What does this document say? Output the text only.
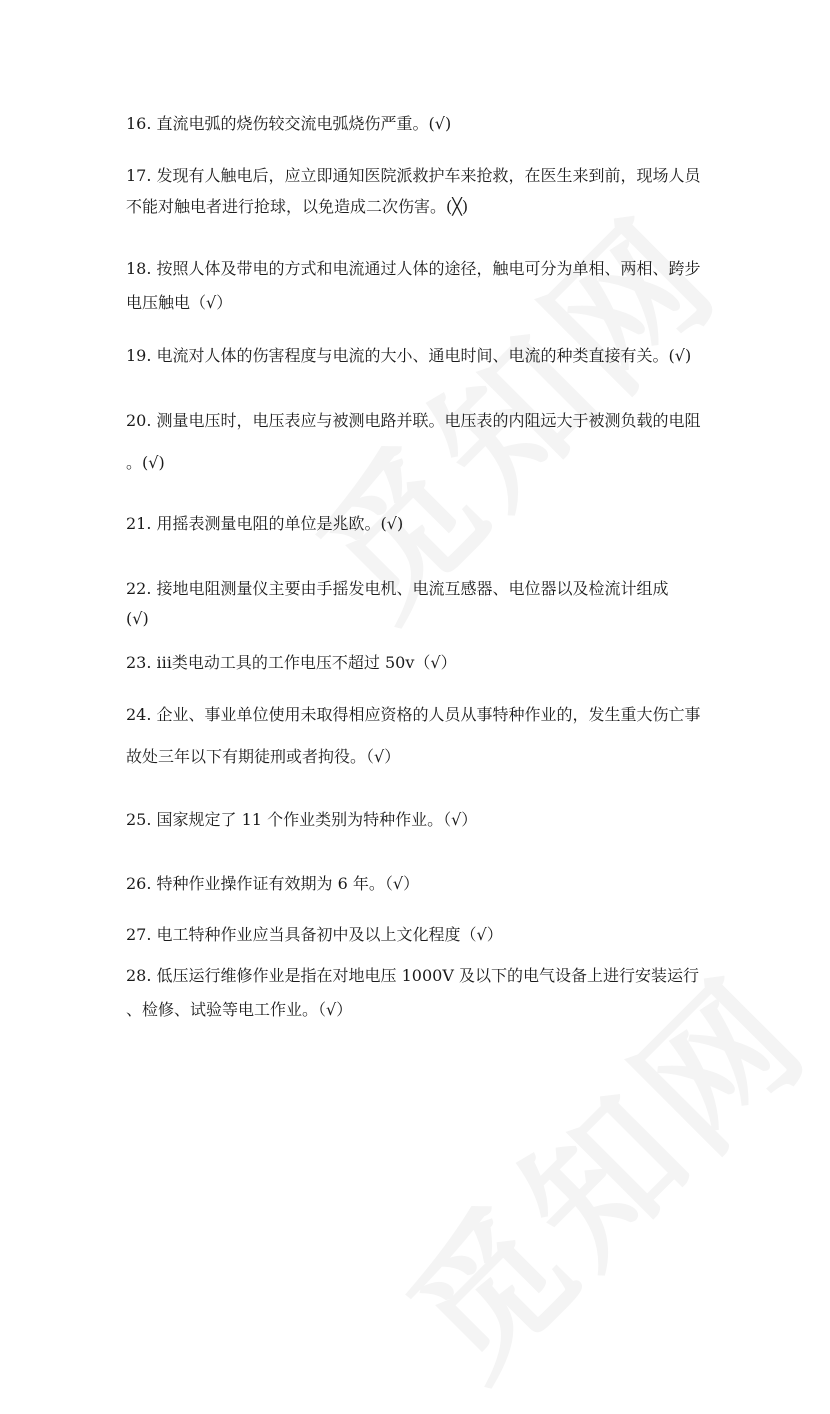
16. 直流电弧的烧伤较交流电弧烧伤严重。(√)

17. 发现有人触电后，应立即通知医院派救护车来抢救，在医生来到前，现场人员

不能对触电者进行抢球，以免造成二次伤害。(╳)

18. 按照人体及带电的方式和电流通过人体的途径，触电可分为单相、两相、跨步

电压触电（√）

19. 电流对人体的伤害程度与电流的大小、通电时间、电流的种类直接有关。(√)

20. 测量电压时，电压表应与被测电路并联。电压表的内阻远大于被测负载的电阻

。(√)

21. 用摇表测量电阻的单位是兆欧。(√)

22. 接地电阻测量仪主要由手摇发电机、电流互感器、电位器以及检流计组成

(√)

23. iii类电动工具的工作电压不超过 50v（√）

24. 企业、事业单位使用未取得相应资格的人员从事特种作业的，发生重大伤亡事

故处三年以下有期徒刑或者拘役。（√）

25. 国家规定了 11 个作业类别为特种作业。（√）

26. 特种作业操作证有效期为 6 年。（√）

27. 电工特种作业应当具备初中及以上文化程度（√）

28. 低压运行维修作业是指在对地电压 1000V 及以下的电气设备上进行安装运行

、检修、试验等电工作业。（√）
